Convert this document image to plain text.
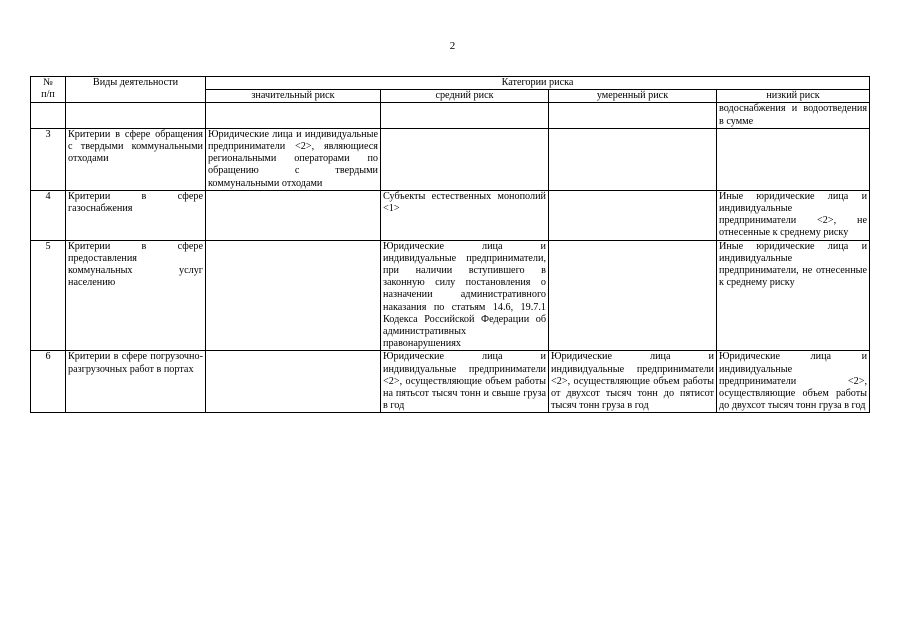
2
№
п/п	Виды деятельности	Категории риска			
		значительный риск	средний риск	умеренный риск	низкий риск
					водоснабжения и водоотведения в сумме
3	Критерии в сфере обращения с твердыми коммунальными отходами	Юридические лица и индивидуальные предприниматели <2>, являющиеся региональными операторами по обращению с твердыми коммунальными отходами			
4	Критерии в сфере газоснабжения		Субъекты естественных монополий <1>		Иные юридические лица и индивидуальные предприниматели <2>, не отнесенные к среднему риску
5	Критерии в сфере предоставления коммунальных услуг населению		Юридические лица и индивидуальные предприниматели, при наличии вступившего в законную силу постановления о назначении административного наказания по статьям 14.6, 19.7.1 Кодекса Российской Федерации об административных правонарушениях		Иные юридические лица и индивидуальные предприниматели, не отнесенные к среднему риску
6	Критерии в сфере погрузочно-разгрузочных работ в портах		Юридические лица и индивидуальные предприниматели <2>, осуществляющие объем работы на пятьсот тысяч тонн и свыше груза в год	Юридические лица и индивидуальные предприниматели <2>, осуществляющие объем работы от двухсот тысяч тонн до пятисот тысяч тонн груза в год	Юридические лица и индивидуальные предприниматели <2>, осуществляющие объем работы до двухсот тысяч тонн груза в год
